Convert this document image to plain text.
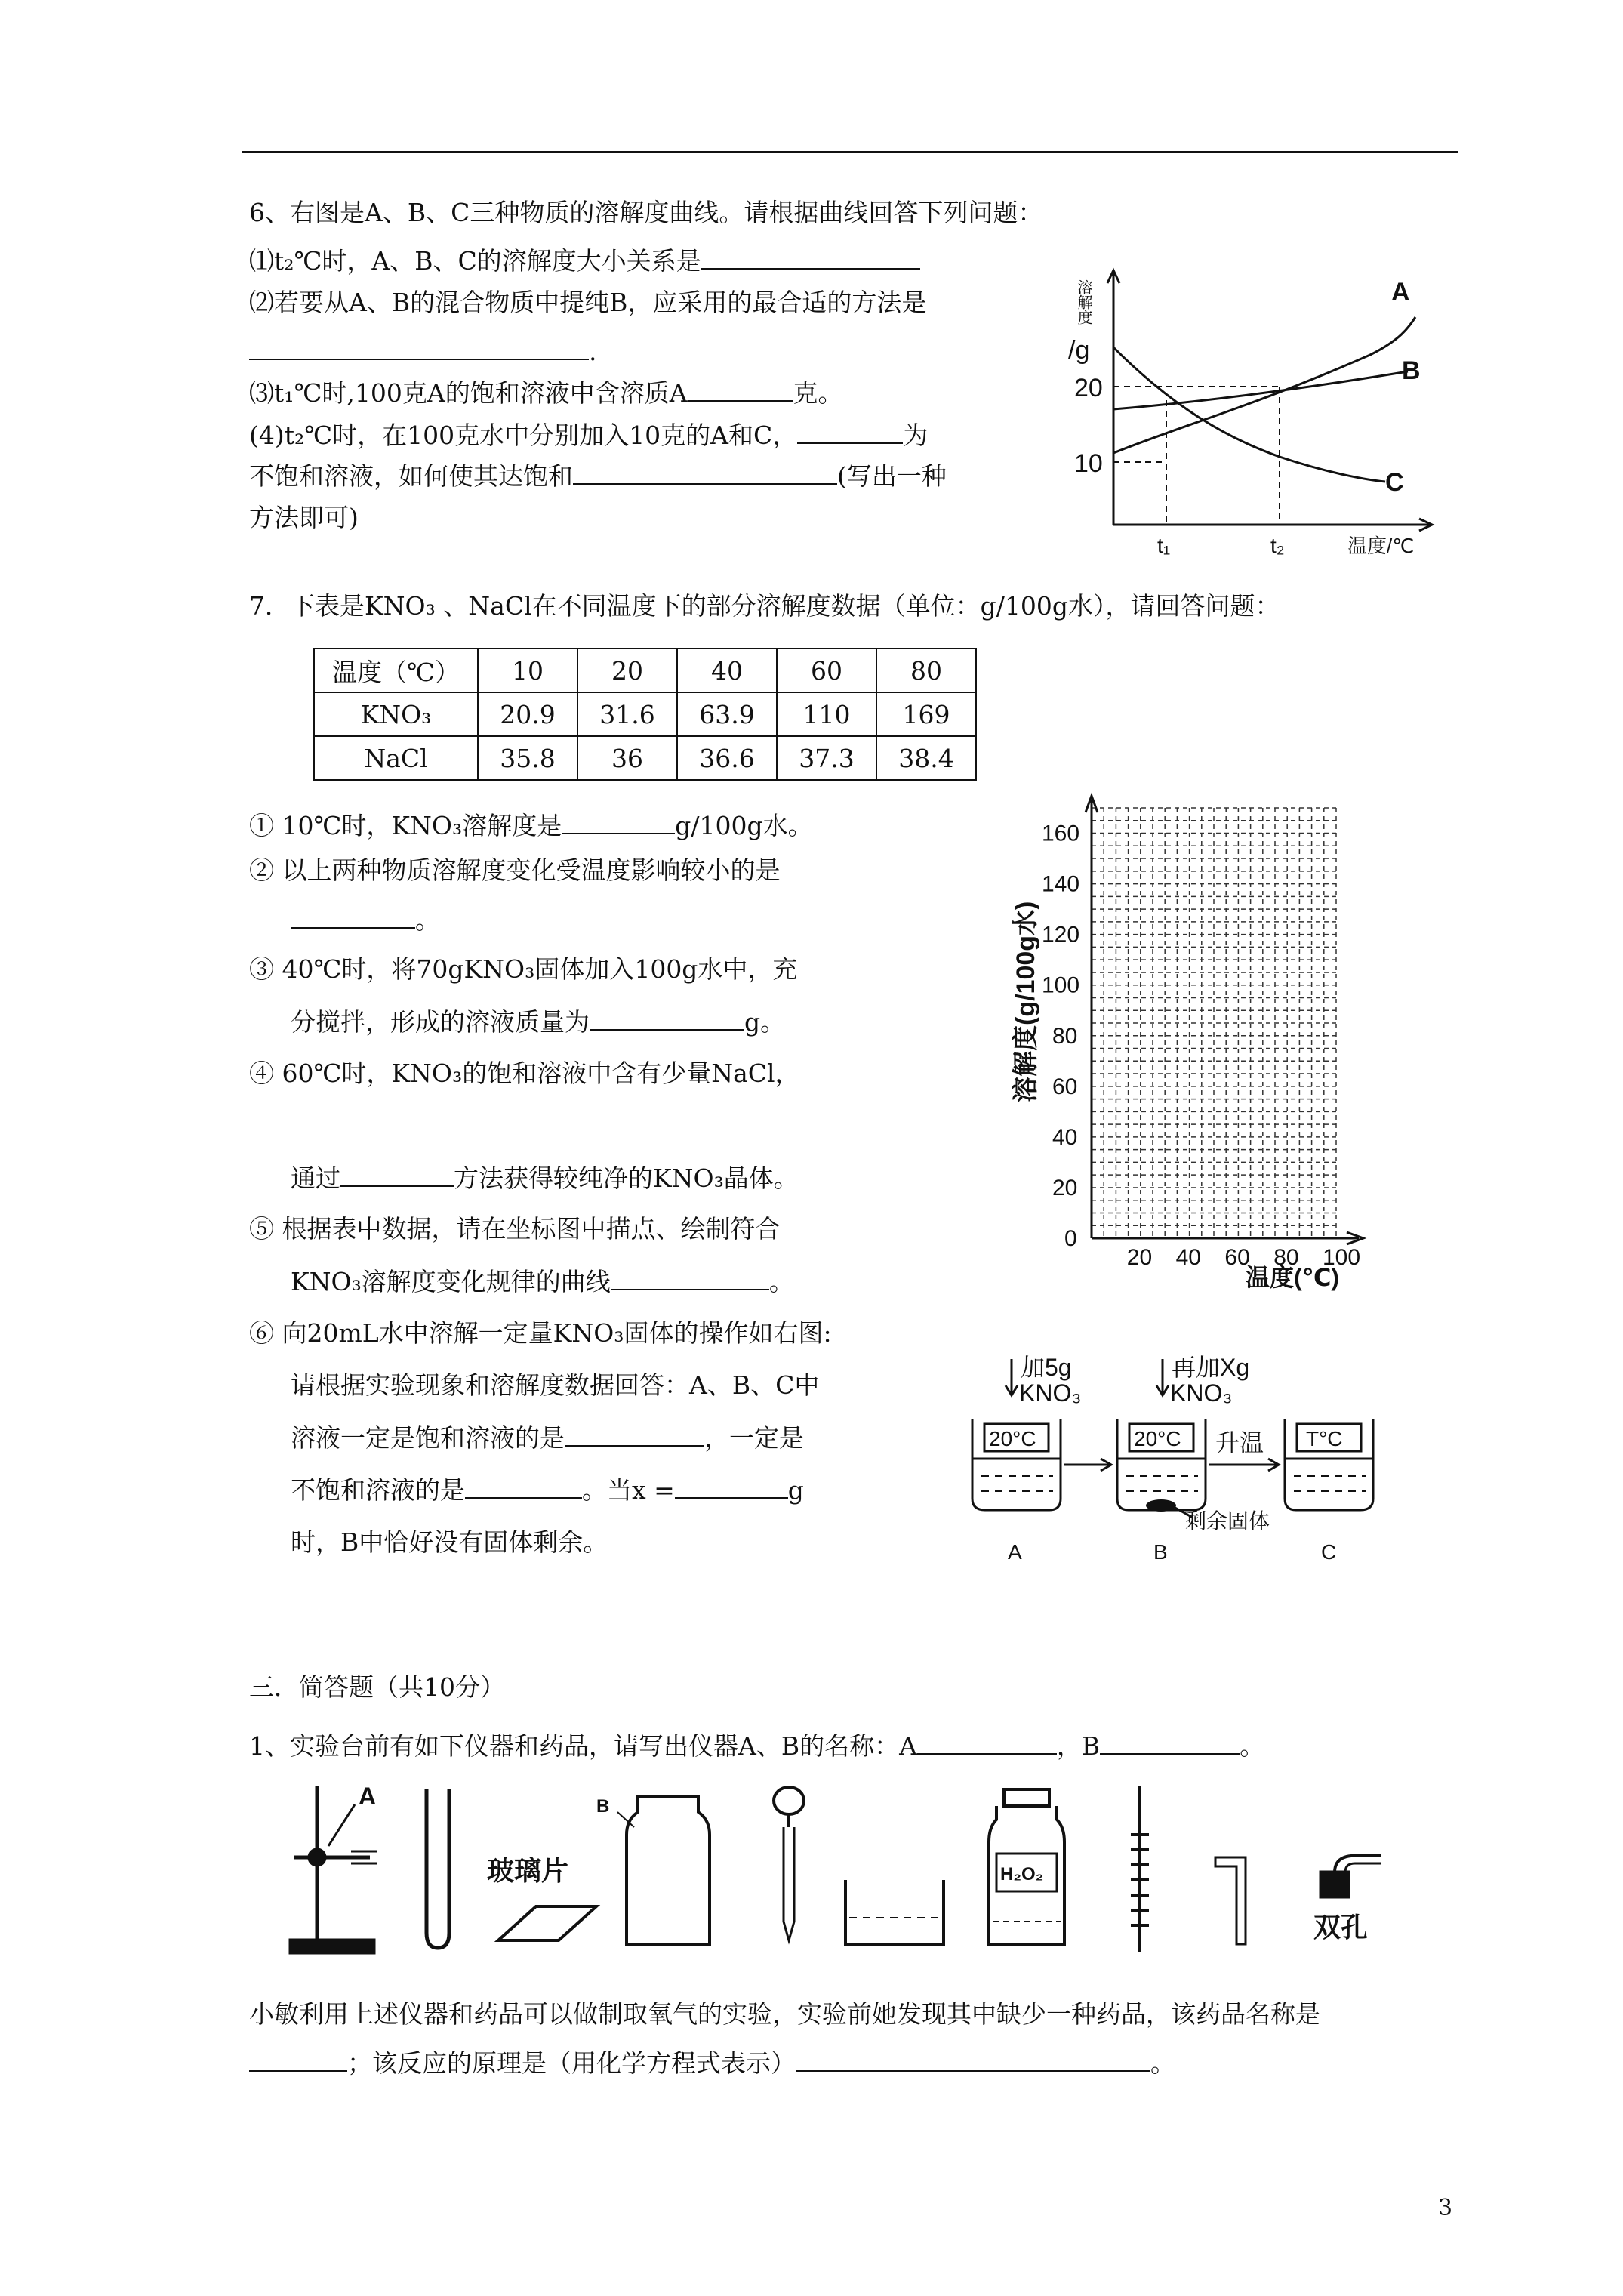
6、右图是A、B、C三种物质的溶解度曲线。请根据曲线回答下列问题：
⑴t₂℃时，A、B、C的溶解度大小关系是
⑵若要从A、B的混合物质中提纯B，应采用的最合适的方法是
.
⑶t₁℃时,100克A的饱和溶液中含溶质A	克。
(4)t₂℃时，在100克水中分别加入10克的A和C，	为
不饱和溶液，如何使其达饱和	(写出一种
方法即可)
溶解度
/g
20
10
t₁	t₂	温度/℃
A
B
C
7．下表是KNO₃ 、NaCl在不同温度下的部分溶解度数据（单位：g/100g水），请回答问题：
温度（℃）	10	20	40	60	80
KNO₃	20.9	31.6	63.9	110	169
NaCl	35.8	36	36.6	37.3	38.4
① 10℃时，KNO₃溶解度是	g/100g水。
② 以上两种物质溶解度变化受温度影响较小的是
。
③ 40℃时，将70gKNO₃固体加入100g水中，充
分搅拌，形成的溶液质量为	g。
④ 60℃时，KNO₃的饱和溶液中含有少量NaCl，
通过	方法获得较纯净的KNO₃晶体。
⑤ 根据表中数据，请在坐标图中描点、绘制符合
KNO₃溶解度变化规律的曲线	。
⑥ 向20mL水中溶解一定量KNO₃固体的操作如右图:
请根据实验现象和溶解度数据回答：A、B、C中
溶液一定是饱和溶液的是	，一定是
不饱和溶液的是	。当x =	g
时，B中恰好没有固体剩余。
160
140
120
100
80
60
40
20
0
20 40 60 80 100
溶解度(g/100g水)
温度(℃)
加5g
KNO₃
再加Xg
KNO₃
20°C	20°C	T°C
升温
剩余固体
A	B	C
三．简答题（共10分）
1、实验台前有如下仪器和药品，请写出仪器A、B的名称：A	，B	。
A	B
玻璃片	H₂O₂
双孔
小敏利用上述仪器和药品可以做制取氧气的实验，实验前她发现其中缺少一种药品，该药品名称是
；该反应的原理是（用化学方程式表示）	。
3
